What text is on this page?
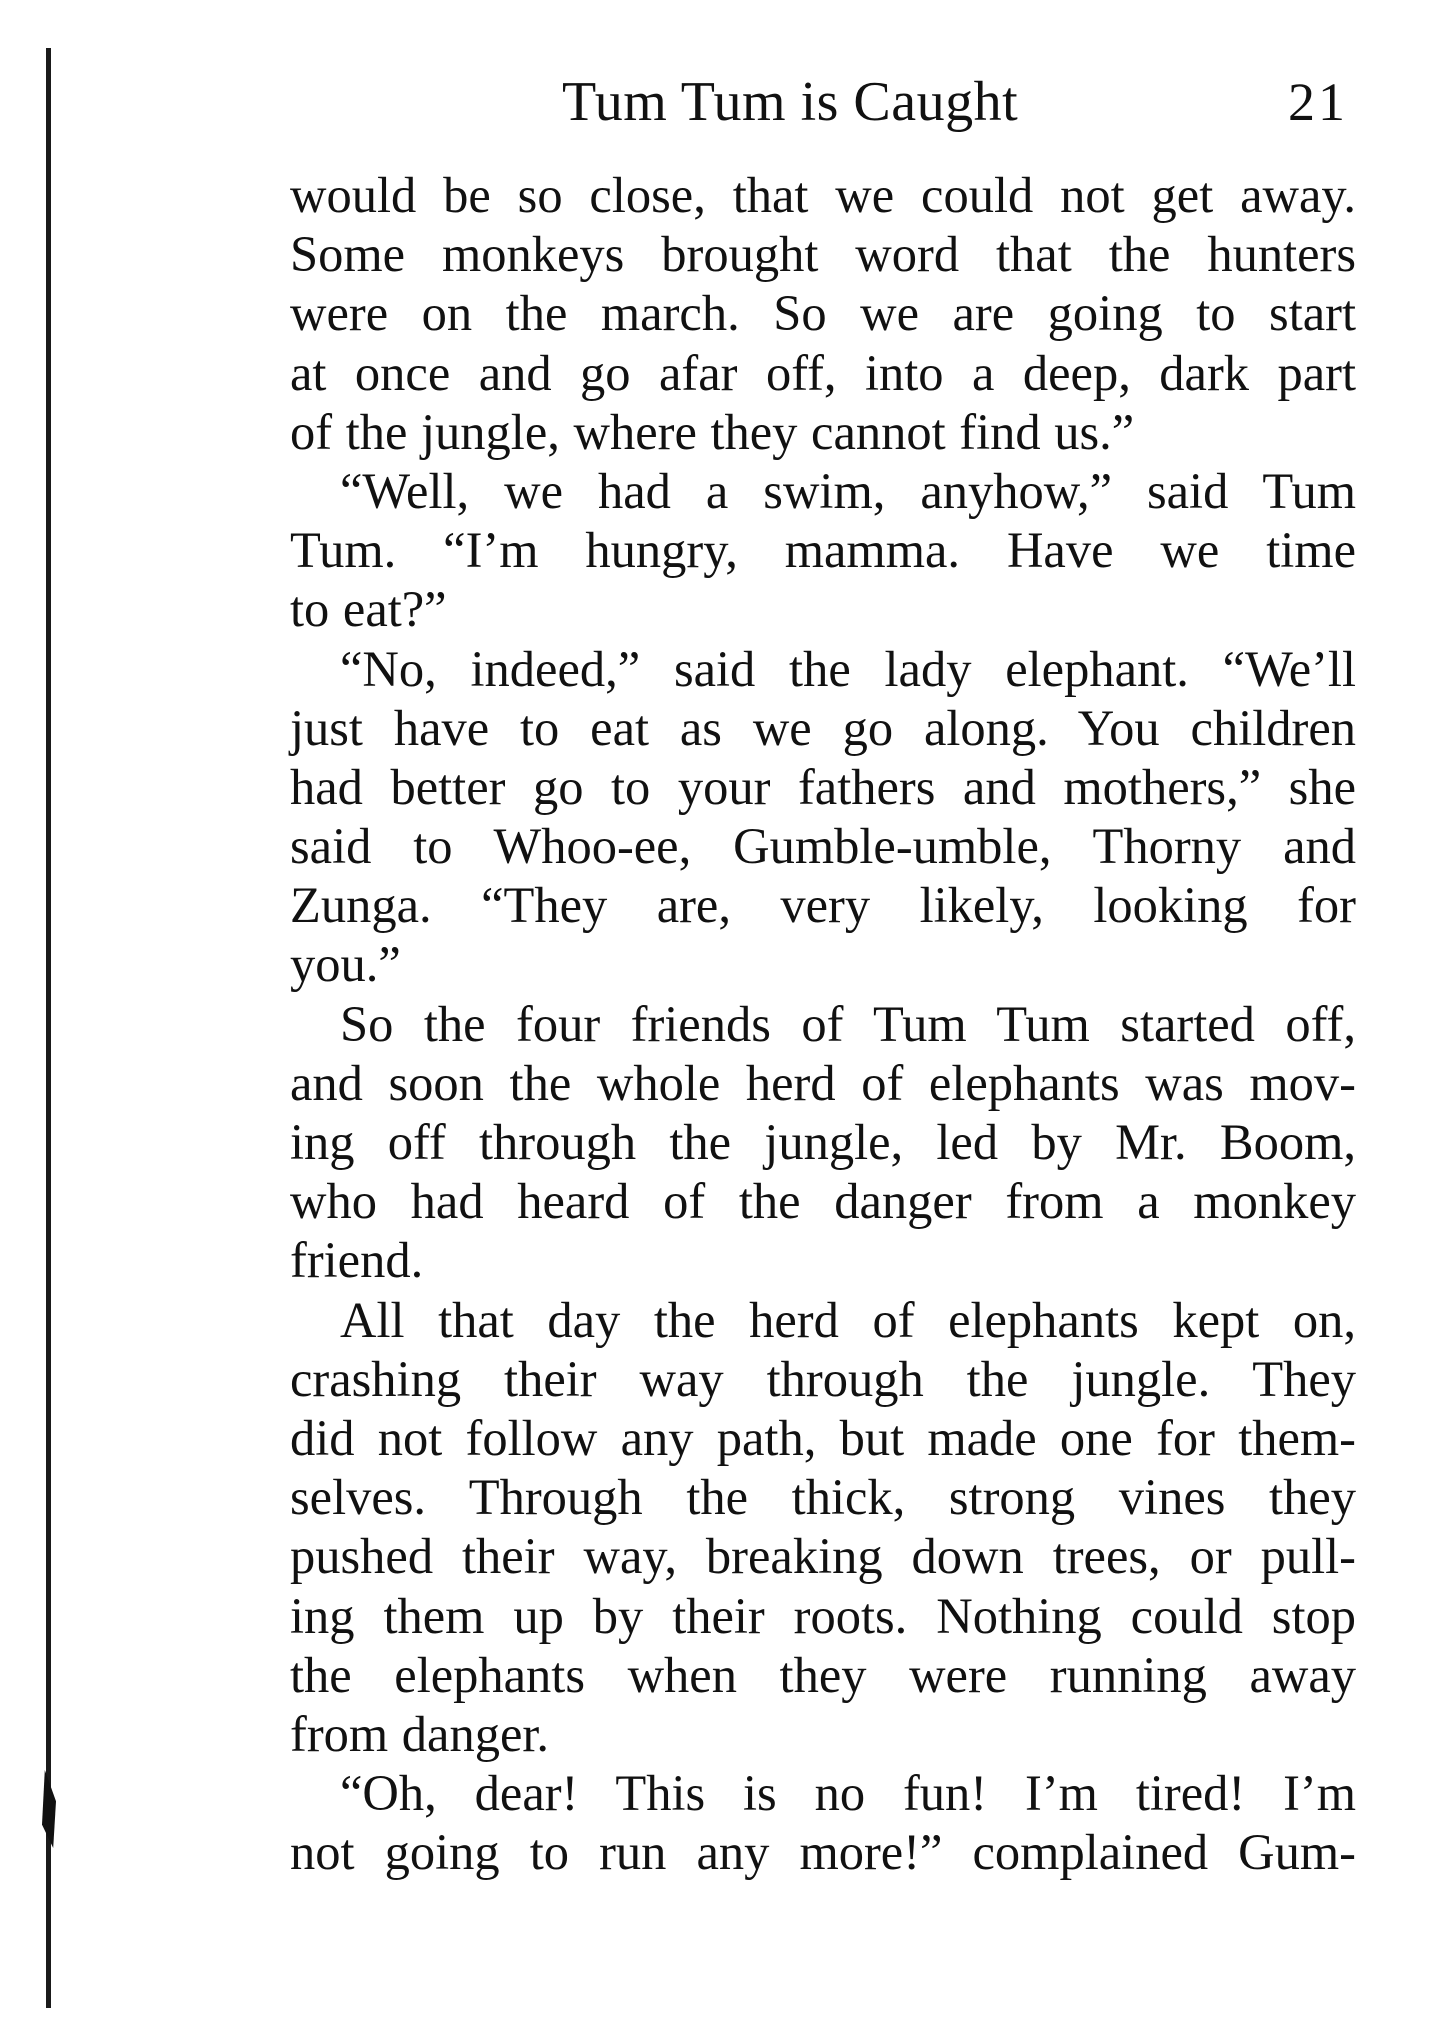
Tum Tum is Caught	21
would be so close, that we could not get away.
Some monkeys brought word that the hunters
were on the march. So we are going to start
at once and go afar off, into a deep, dark part
of the jungle, where they cannot find us.”
“Well, we had a swim, anyhow,” said Tum
Tum. “I’m hungry, mamma. Have we time
to eat?”
“No, indeed,” said the lady elephant. “We’ll
just have to eat as we go along. You children
had better go to your fathers and mothers,” she
said to Whoo-ee, Gumble-umble, Thorny and
Zunga. “They are, very likely, looking for
you.”
So the four friends of Tum Tum started off,
and soon the whole herd of elephants was mov-
ing off through the jungle, led by Mr. Boom,
who had heard of the danger from a monkey
friend.
All that day the herd of elephants kept on,
crashing their way through the jungle. They
did not follow any path, but made one for them-
selves. Through the thick, strong vines they
pushed their way, breaking down trees, or pull-
ing them up by their roots. Nothing could stop
the elephants when they were running away
from danger.
“Oh, dear! This is no fun! I’m tired! I’m
not going to run any more!” complained Gum-
